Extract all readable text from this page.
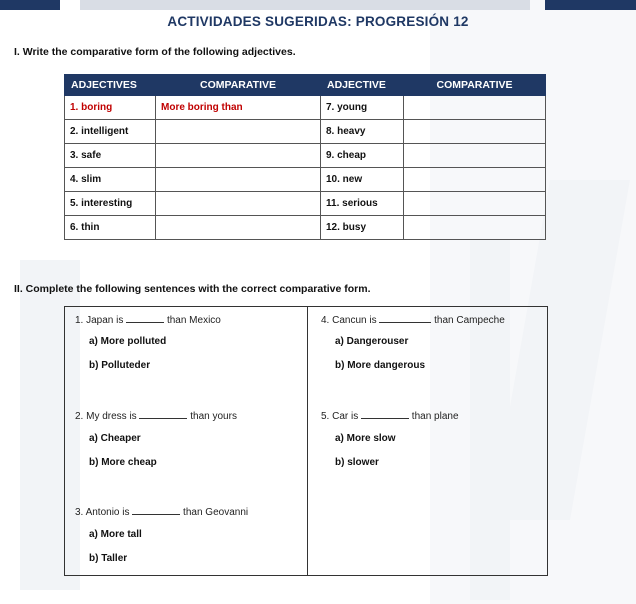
ACTIVIDADES SUGERIDAS: PROGRESIÓN 12
I. Write the comparative form of the following adjectives.
ADJECTIVES	COMPARATIVE	ADJECTIVE	COMPARATIVE
1. boring	More boring than	7. young	
2. intelligent		8. heavy	
3. safe		9. cheap	
4. slim		10. new	
5. interesting		11. serious	
6. thin		12. busy	
II. Complete the following sentences with the correct comparative form.
1. Japan is	than Mexico
a) More polluted
b) Polluteder
2. My dress is	than yours
a) Cheaper
b) More cheap
3. Antonio is	than Geovanni
a) More tall
b) Taller
4. Cancun is	than Campeche
a) Dangerouser
b) More dangerous
5. Car is	than plane
a) More slow
b) slower
